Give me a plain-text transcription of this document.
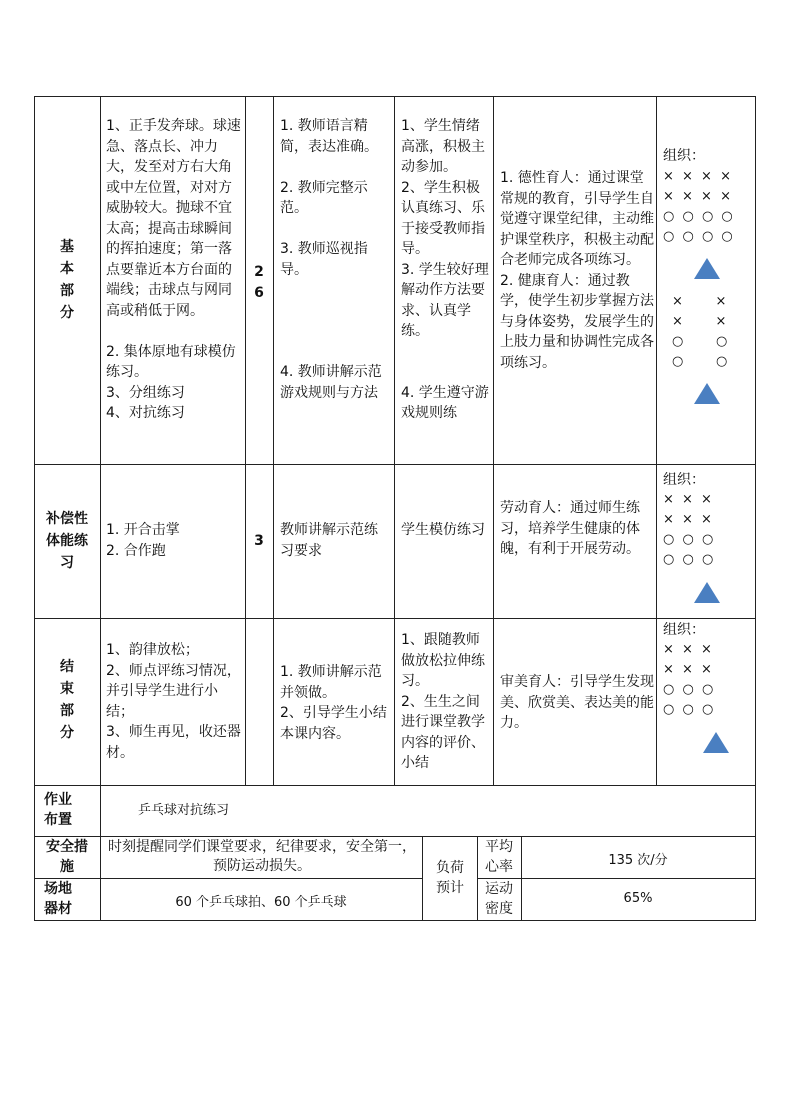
基
本
部
分
1、正手发奔球。球速急、落点长、冲力大，发至对方右大角或中左位置，对对方威胁较大。抛球不宜太高；提高击球瞬间的挥拍速度；第一落点要靠近本方台面的端线；击球点与网同高或稍低于网。

2. 集体原地有球模仿练习。
3、分组练习
4、对抗练习
2
6
1. 教师语言精简，表达准确。

2. 教师完整示范。

3. 教师巡视指导。

4. 教师讲解示范游戏规则与方法
1、学生情绪高涨，积极主动参加。
2、学生积极认真练习、乐于接受教师指导。
3. 学生较好理解动作方法要求、认真学练。

4. 学生遵守游戏规则练
1. 德性育人：通过课堂常规的教育，引导学生自觉遵守课堂纪律，主动维护课堂秩序，积极主动配合老师完成各项练习。
2. 健康育人：通过教学，使学生初步掌握方法与身体姿势，发展学生的上肢力量和协调性完成各项练习。
组织：
× × × ×
× × × ×
○ ○ ○ ○
○ ○ ○ ○
×     ×
×     ×
○     ○
○     ○
补偿性
体能练
习
1. 开合击掌
2. 合作跑
3
教师讲解示范练习要求
学生模仿练习
劳动育人：通过师生练习，培养学生健康的体魄，有利于开展劳动。
组织：
× × ×
× × ×
○ ○ ○
○ ○ ○
结
束
部
分
1、韵律放松；
2、师点评练习情况，并引导学生进行小结；
3、师生再见，收还器材。
1. 教师讲解示范并领做。
2、引导学生小结本课内容。
1、跟随教师做放松拉伸练习。
2、生生之间进行课堂教学内容的评价、小结
审美育人：引导学生发现美、欣赏美、表达美的能力。
组织：
× × ×
× × ×
○ ○ ○
○ ○ ○
作业
布置
乒乓球对抗练习
安全措
施
时刻提醒同学们课堂要求，纪律要求，安全第一，预防运动损失。
场地
器材	60 个乒乓球拍、60 个乒乓球
负荷
预计
平均
心率	135 次/分
运动
密度
65%
